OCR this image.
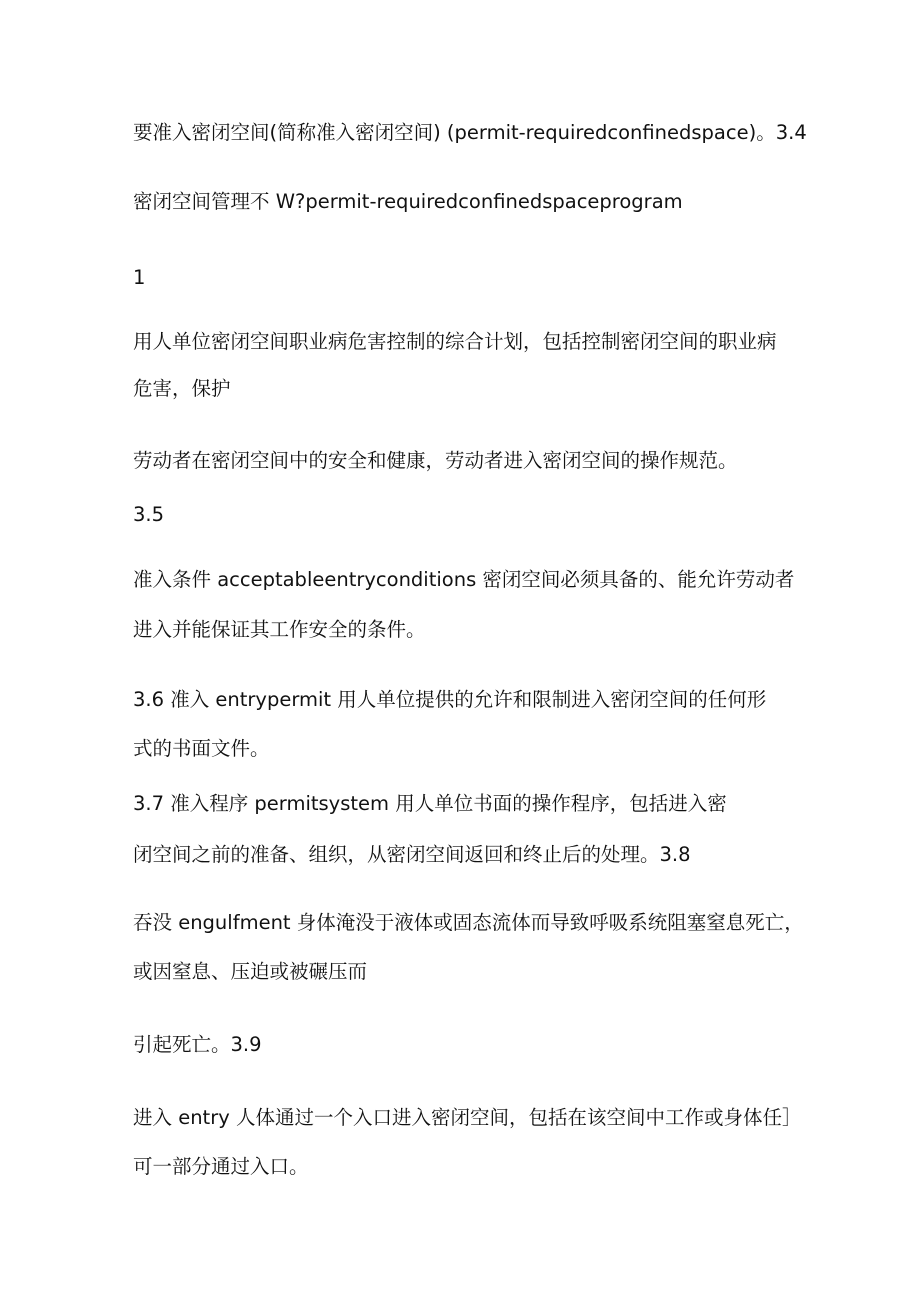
要准入密闭空间(简称准入密闭空间) (permit-requiredconfinedspace)。3.4
密闭空间管理不 W?permit-requiredconfinedspaceprogram
1
用人单位密闭空间职业病危害控制的综合计划，包括控制密闭空间的职业病
危害，保护
劳动者在密闭空间中的安全和健康，劳动者进入密闭空间的操作规范。
3.5
准入条件 acceptableentryconditions 密闭空间必须具备的、能允许劳动者
进入并能保证其工作安全的条件。
3.6 准入 entrypermit 用人单位提供的允许和限制进入密闭空间的任何形
式的书面文件。
3.7 准入程序 permitsystem 用人单位书面的操作程序，包括进入密
闭空间之前的准备、组织，从密闭空间返回和终止后的处理。3.8
吞没 engulfment 身体淹没于液体或固态流体而导致呼吸系统阻塞窒息死亡，
或因窒息、压迫或被碾压而
引起死亡。3.9
进入 entry 人体通过一个入口进入密闭空间，包括在该空间中工作或身体任］
可一部分通过入口。
